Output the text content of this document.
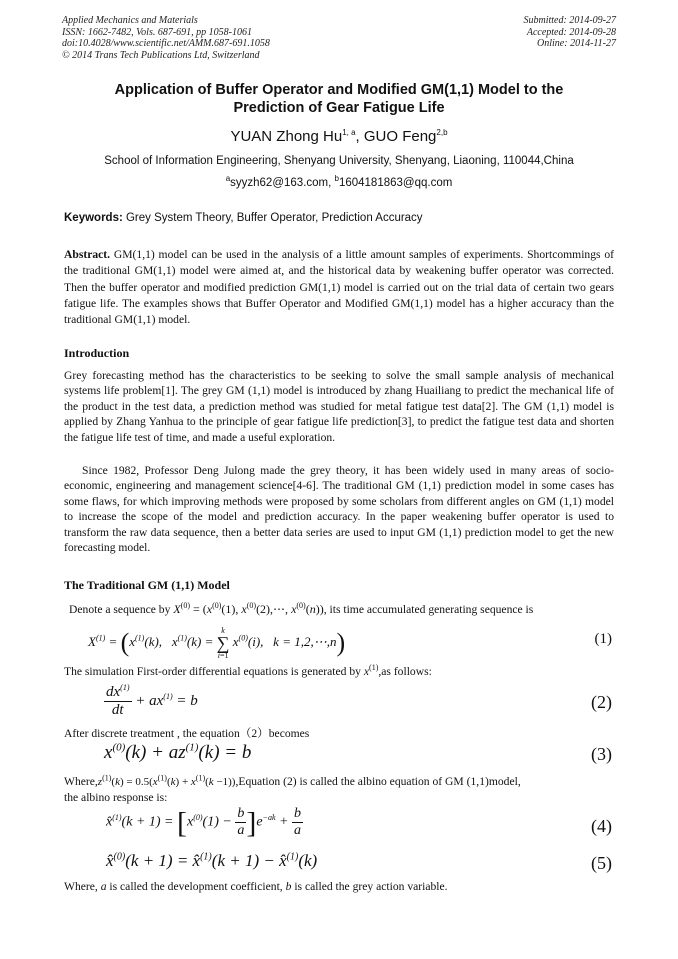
Applied Mechanics and Materials
ISSN: 1662-7482, Vols. 687-691, pp 1058-1061
doi:10.4028/www.scientific.net/AMM.687-691.1058
© 2014 Trans Tech Publications Ltd, Switzerland
Submitted: 2014-09-27
Accepted: 2014-09-28
Online: 2014-11-27
Application of Buffer Operator and Modified GM(1,1) Model to the
Prediction of Gear Fatigue Life
YUAN Zhong Hu$^{1, a}$, GUO Feng$^{2,b}$
School of Information Engineering, Shenyang University, Shenyang, Liaoning, 110044,China
$^a$syyzh62@163.com, $^b$1604181863@qq.com
Keywords: Grey System Theory, Buffer Operator, Prediction Accuracy
Abstract. GM(1,1) model can be used in the analysis of a little amount samples of experiments. Shortcommings of the traditional GM(1,1) model were aimed at, and the historical data by weakening buffer operator was corrected. Then the buffer operator and modified prediction GM(1,1) model is carried out on the trial data of certain two gears fatigue life. The examples shows that Buffer Operator and Modified GM(1,1) model has a higher accuracy than the traditional GM(1,1) model.
Introduction
Grey forecasting method has the characteristics to be seeking to solve the small sample analysis of mechanical systems life problem[1]. The grey GM (1,1) model is introduced by zhang Huailiang to predict the mechanical life of the product in the test data, a prediction method was studied for metal fatigue test data[2]. The GM (1,1) model is applied by Zhang Yanhua to the principle of gear fatigue life prediction[3], to predict the fatigue test data and shorten the fatigue life test of time, and made a useful exploration.
Since 1982, Professor Deng Julong made the grey theory, it has been widely used in many areas of socio-economic, engineering and management science[4-6]. The traditional GM (1,1) prediction model in some cases has some flaws, for which improving methods were proposed by some scholars from different angles on GM (1,1) model to increase the scope of the model and prediction accuracy. In the paper weakening buffer operator is used to transform the raw data sequence, then a better data series are used to input GM (1,1) prediction model to get the new forecasting model.
The Traditional GM (1,1) Model
Denote a sequence by $X^{(0)} = (x^{(0)}(1)$, $x^{(0)}(2),\cdots$, $x^{(0)}(n)$), its time accumulated generating sequence is
$X^{(1)} = (x^{(1)}(k)$,   $x^{(1)}(k)$ =
k
∑
i=1
$x^{(0)}(i)$,   k = 1,2,⋯,n)	(1)
The simulation First-order differential equations is generated by $x^{(1)},as$ follows:
$\frac{dx^{(1)}}{dt} + ax^{(1)} = b$	(2)
After discrete treatment , the equation（2）becomes
$x^{(0)}(k) + az^{(1)}(k) = b$	(3)
$Where,z^{(1)}(k) = 0.5(x^{(1)}(k) + x^{(1)}(k$ −1)),Equation (2) is called the albino equation of GM (1,1)model,
the albino response is:
x̂$^{(1)}$(k + $1) = [x^{(0)}(1) - \frac{b}{a} ]e^{-ak} + \frac{b}{a}$	(4)
x̂$^{(0)}$(k + 1) = x̂$^{(1)}$(k + 1) − x̂$^{(1)}$(k)	(5)
Where, a is called the development coefficient, b is called the grey action variable.
